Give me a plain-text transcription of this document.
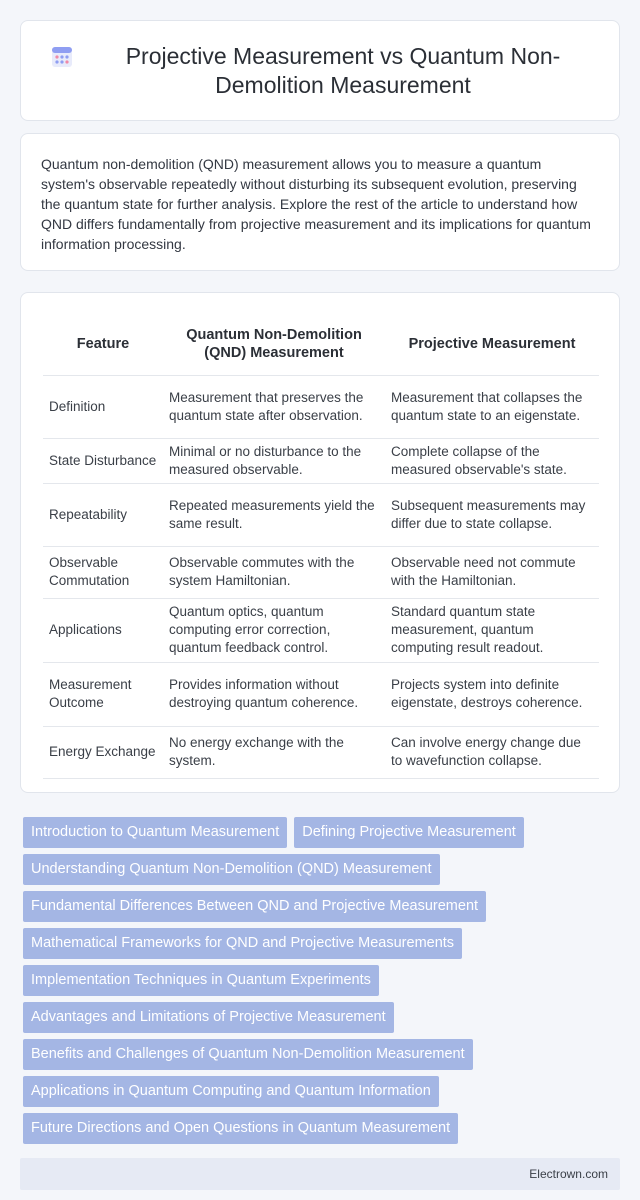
Projective Measurement vs Quantum Non-Demolition Measurement

Quantum non-demolition (QND) measurement allows you to measure a quantum system's observable repeatedly without disturbing its subsequent evolution, preserving the quantum state for further analysis. Explore the rest of the article to understand how QND differs fundamentally from projective measurement and its implications for quantum information processing.

Feature	Quantum Non-Demolition (QND) Measurement	Projective Measurement
Definition	Measurement that preserves the quantum state after observation.	Measurement that collapses the quantum state to an eigenstate.
State Disturbance	Minimal or no disturbance to the measured observable.	Complete collapse of the measured observable's state.
Repeatability	Repeated measurements yield the same result.	Subsequent measurements may differ due to state collapse.
Observable Commutation	Observable commutes with the system Hamiltonian.	Observable need not commute with the Hamiltonian.
Applications	Quantum optics, quantum computing error correction, quantum feedback control.	Standard quantum state measurement, quantum computing result readout.
Measurement Outcome	Provides information without destroying quantum coherence.	Projects system into definite eigenstate, destroys coherence.
Energy Exchange	No energy exchange with the system.	Can involve energy change due to wavefunction collapse.
Introduction to Quantum Measurement	Defining Projective Measurement
Understanding Quantum Non-Demolition (QND) Measurement
Fundamental Differences Between QND and Projective Measurement
Mathematical Frameworks for QND and Projective Measurements
Implementation Techniques in Quantum Experiments
Advantages and Limitations of Projective Measurement
Benefits and Challenges of Quantum Non-Demolition Measurement
Applications in Quantum Computing and Quantum Information
Future Directions and Open Questions in Quantum Measurement
Electrown.com
